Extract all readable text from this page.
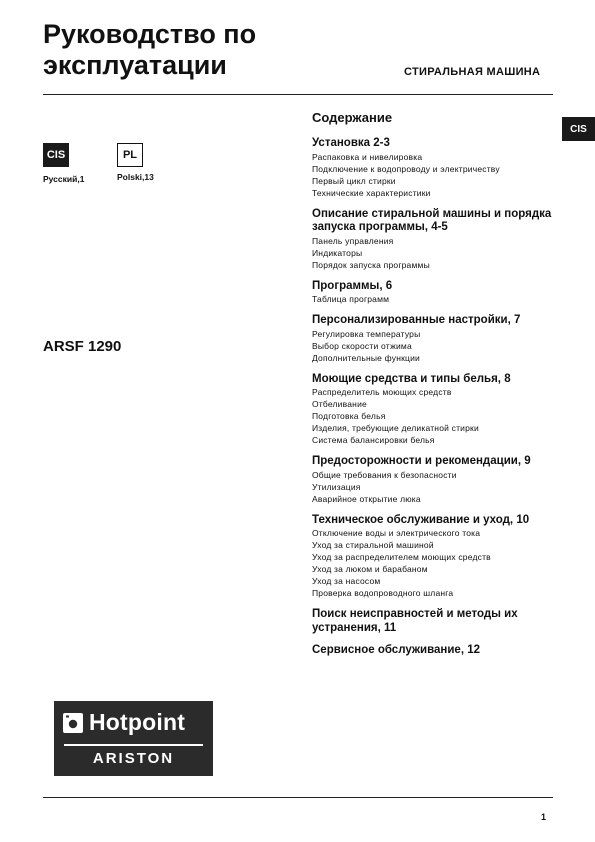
Руководство по эксплуатации	СТИРАЛЬНАЯ МАШИНА
CIS
CIS
Русский,1
PL
Polski,13
ARSF 1290
Содержание
Установка 2-3
Распаковка и нивелировка
Подключение к водопроводу и электричеству
Первый цикл стирки
Технические характеристики
Описание стиральной машины и порядка запуска программы, 4-5
Панель управления
Индикаторы
Порядок запуска программы
Программы, 6
Таблица программ
Персонализированные настройки, 7
Регулировка температуры
Выбор скорости отжима
Дополнительные функции
Моющие средства и типы белья, 8
Распределитель моющих средств
Отбеливание
Подготовка белья
Изделия, требующие деликатной стирки
Система балансировки белья
Предосторожности и рекомендации, 9
Общие требования к безопасности
Утилизация
Аварийное открытие люка
Техническое обслуживание и уход, 10
Отключение воды и электрического тока
Уход за стиральной машиной
Уход за распределителем моющих средств
Уход за люком и барабаном
Уход за насосом
Проверка водопроводного шланга
Поиск неисправностей и методы их устранения, 11
Сервисное обслуживание, 12
Hotpoint
ARISTON
1
